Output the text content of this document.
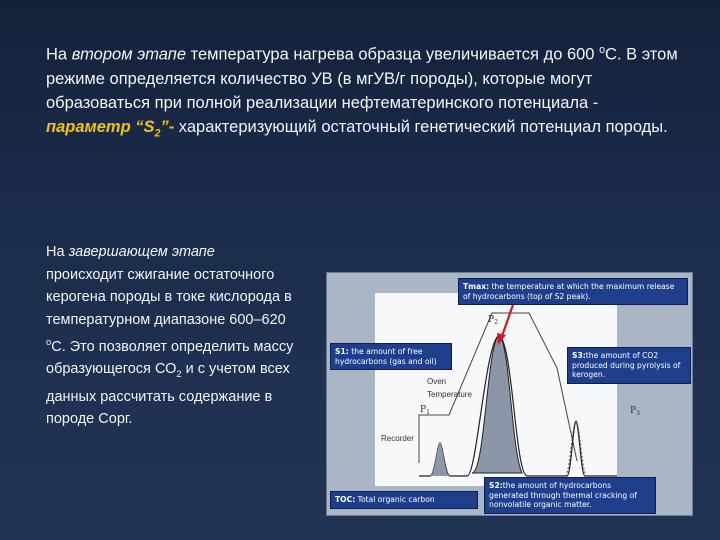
На втором этапе температура нагрева образца увеличивается до 600 $^o$С. В этом режиме определяется количество УВ (в мгУВ/г породы), которые могут образоваться при полной реализации нефтематеринского потенциала - параметр “$S_2”-$ характеризующий остаточный генетический потенциал породы.
На завершающем этапе происходит сжигание остаточного керогена породы в токе кислорода в температурном диапазоне 600–620 $^o$С. Это позволяет определить массу образующегося $СО_2$ и с учетом всех данных рассчитать содержание в породе Сорг.
$P_2$
$P_1$	$P_3$
Oven
Temperature
Recorder
Tmax: the temperature at which the maximum release of hydrocarbons (top of S2 peak).
S1: the amount of free hydrocarbons (gas and oil)
S3:the amount of CO2 produced during pyrolysis of kerogen.
TOC: Total organic carbon
S2:the amount of hydrocarbons generated through thermal cracking of nonvolatile organic matter.
